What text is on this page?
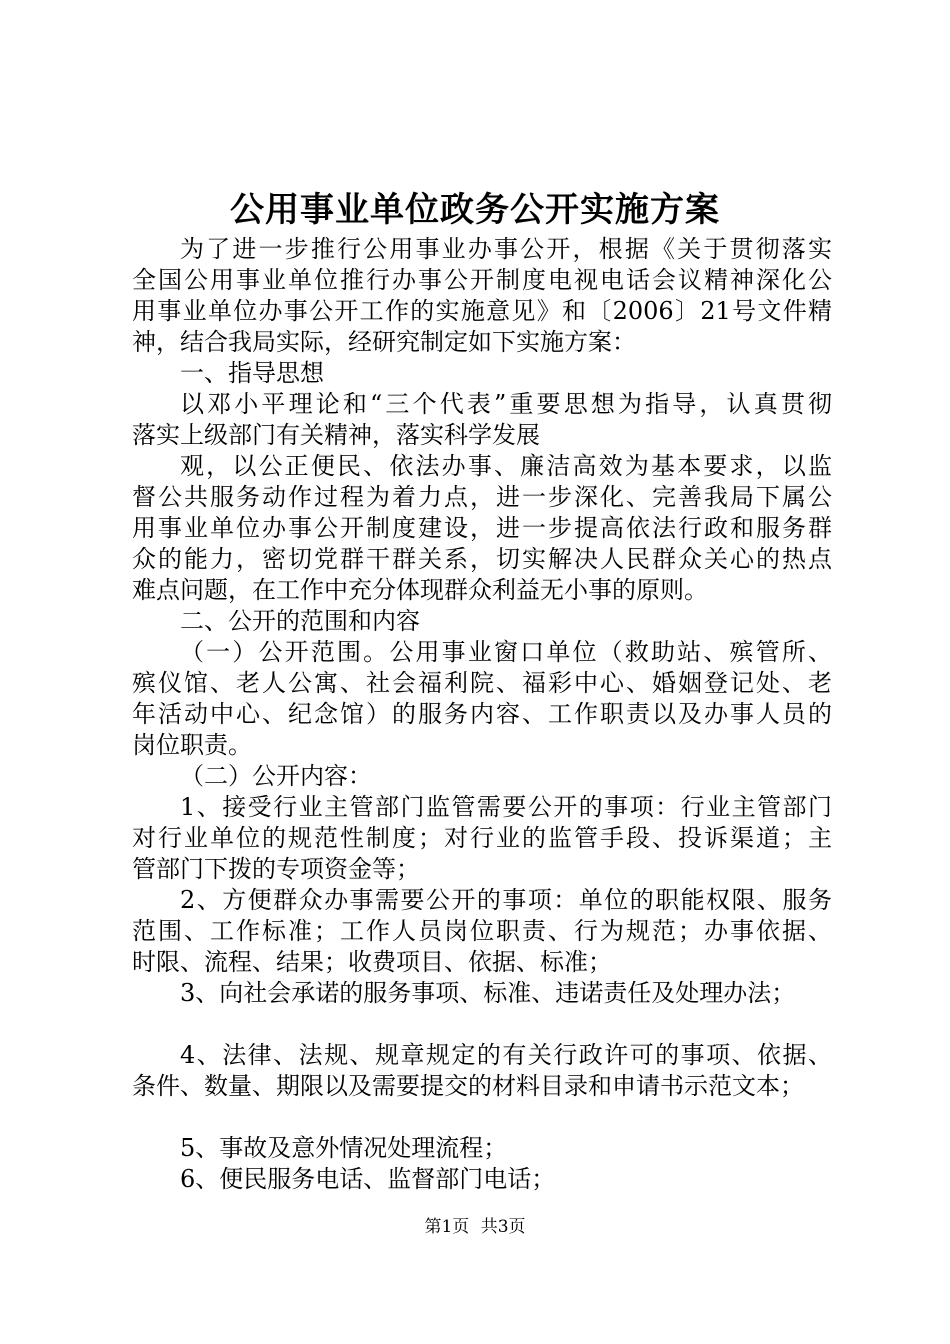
公用事业单位政务公开实施方案
为了进一步推行公用事业办事公开，根据《关于贯彻落实
全国公用事业单位推行办事公开制度电视电话会议精神深化公
用事业单位办事公开工作的实施意见》和〔2006〕21号文件精
神，结合我局实际，经研究制定如下实施方案：
一、指导思想
以邓小平理论和“三个代表”重要思想为指导，认真贯彻
落实上级部门有关精神，落实科学发展
观，以公正便民、依法办事、廉洁高效为基本要求，以监
督公共服务动作过程为着力点，进一步深化、完善我局下属公
用事业单位办事公开制度建设，进一步提高依法行政和服务群
众的能力，密切党群干群关系，切实解决人民群众关心的热点
难点问题，在工作中充分体现群众利益无小事的原则。
二、公开的范围和内容
（一）公开范围。公用事业窗口单位（救助站、殡管所、
殡仪馆、老人公寓、社会福利院、福彩中心、婚姻登记处、老
年活动中心、纪念馆）的服务内容、工作职责以及办事人员的
岗位职责。
（二）公开内容：
1、接受行业主管部门监管需要公开的事项：行业主管部门
对行业单位的规范性制度；对行业的监管手段、投诉渠道；主
管部门下拨的专项资金等；
2、方便群众办事需要公开的事项：单位的职能权限、服务
范围、工作标准；工作人员岗位职责、行为规范；办事依据、
时限、流程、结果；收费项目、依据、标准；
3、向社会承诺的服务事项、标准、违诺责任及处理办法；
4、法律、法规、规章规定的有关行政许可的事项、依据、
条件、数量、期限以及需要提交的材料目录和申请书示范文本；
5、事故及意外情况处理流程；
6、便民服务电话、监督部门电话；
第1页 共3页
